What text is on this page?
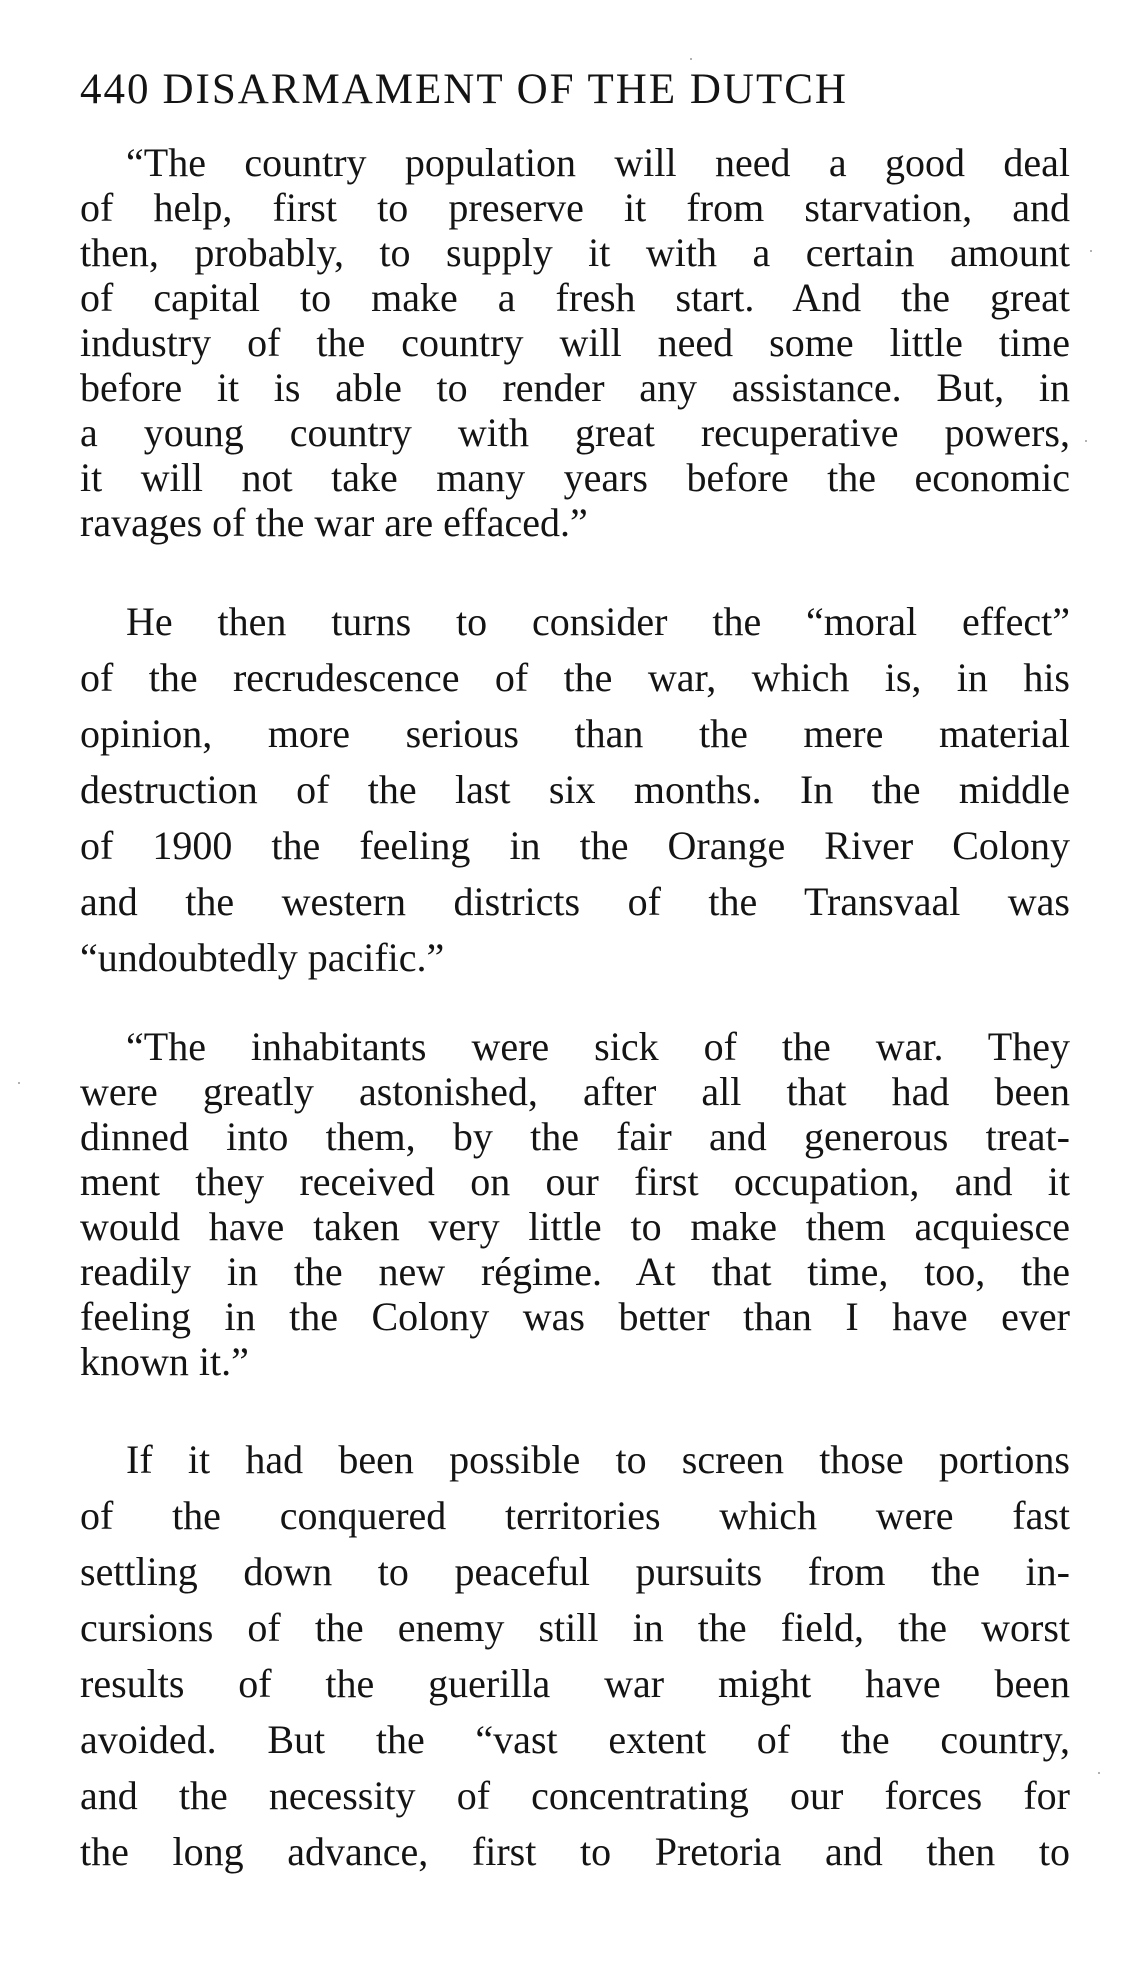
440 DISARMAMENT OF THE DUTCH
“The country population will need a good deal
of help, first to preserve it from starvation, and
then, probably, to supply it with a certain amount
of capital to make a fresh start. And the great
industry of the country will need some little time
before it is able to render any assistance. But, in
a young country with great recuperative powers,
it will not take many years before the economic
ravages of the war are effaced.”
He then turns to consider the “moral effect”
of the recrudescence of the war, which is, in his
opinion, more serious than the mere material
destruction of the last six months. In the middle
of 1900 the feeling in the Orange River Colony
and the western districts of the Transvaal was
“undoubtedly pacific.”
“The inhabitants were sick of the war. They
were greatly astonished, after all that had been
dinned into them, by the fair and generous treat-
ment they received on our first occupation, and it
would have taken very little to make them acquiesce
readily in the new régime. At that time, too, the
feeling in the Colony was better than I have ever
known it.”
If it had been possible to screen those portions
of the conquered territories which were fast
settling down to peaceful pursuits from the in-
cursions of the enemy still in the field, the worst
results of the guerilla war might have been
avoided. But the “vast extent of the country,
and the necessity of concentrating our forces for
the long advance, first to Pretoria and then to
